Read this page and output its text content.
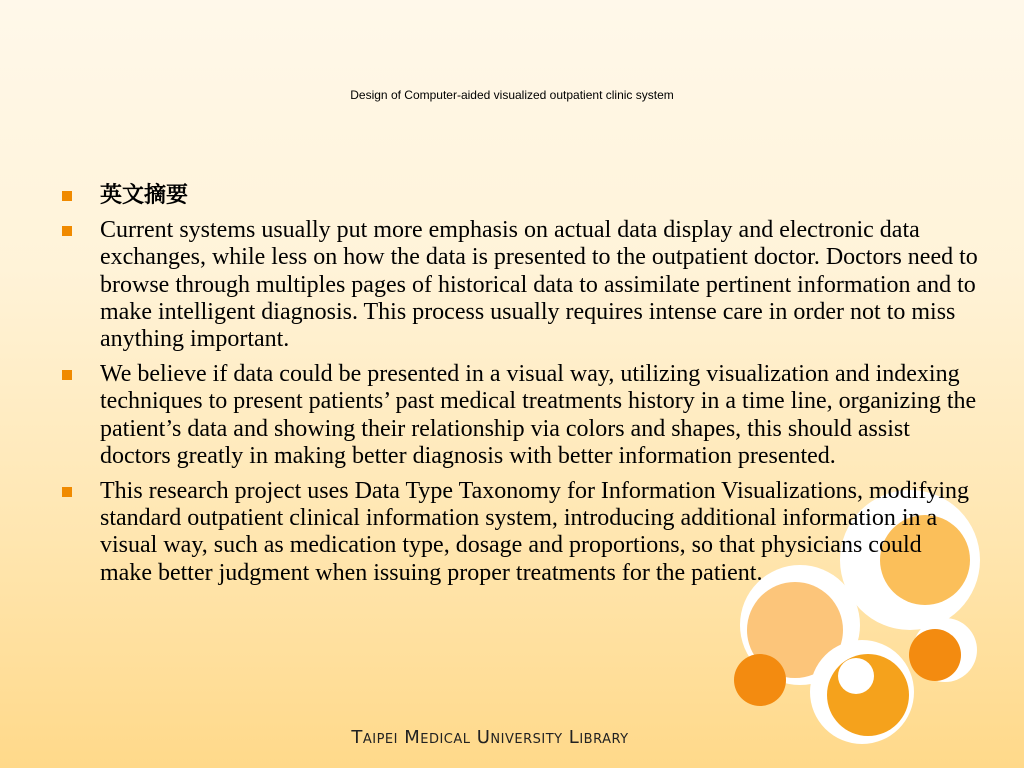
Design of Computer-aided visualized outpatient clinic system
英文摘要
Current systems usually put more emphasis on actual data display and electronic data exchanges, while less on how the data is presented to the outpatient doctor. Doctors need to browse through multiples pages of historical data to assimilate pertinent information and to make intelligent diagnosis. This process usually requires intense care in order not to miss anything important.
We believe if data could be presented in a visual way, utilizing visualization and indexing techniques to present patients’ past medical treatments history in a time line, organizing the patient’s data and showing their relationship via colors and shapes, this should assist doctors greatly in making better diagnosis with better information presented.
This research project uses Data Type Taxonomy for Information Visualizations, modifying standard outpatient clinical information system, introducing additional information in a visual way, such as medication type, dosage and proportions, so that physicians could make better judgment when issuing proper treatments for the patient.
Taipei Medical University Library
